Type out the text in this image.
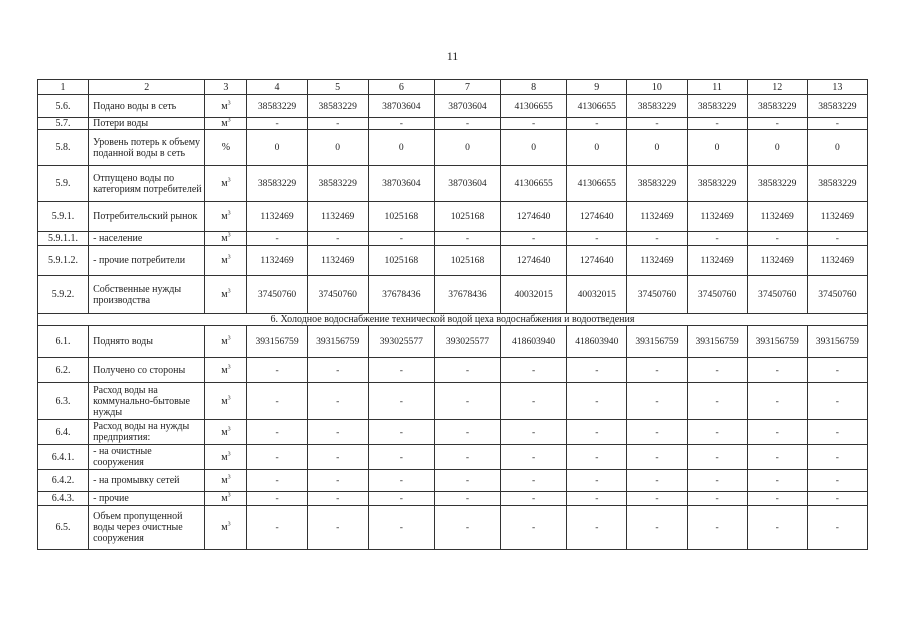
11
1	2	3	4	5	6	7	8	9	10	11	12	13
5.6.	Подано воды в сеть	$м^3$	38583229	38583229	38703604	38703604	41306655	41306655	38583229	38583229	38583229	38583229
5.7.	Потери воды	$м^3$	-	-	-	-	-	-	-	-	-	-
5.8.	Уровень потерь к объему поданной воды в сеть	%	0	0	0	0	0	0	0	0	0	0
5.9.	Отпущено воды по категориям потребителей	$м^3$	38583229	38583229	38703604	38703604	41306655	41306655	38583229	38583229	38583229	38583229
5.9.1.	Потребительский рынок	$м^3$	1132469	1132469	1025168	1025168	1274640	1274640	1132469	1132469	1132469	1132469
5.9.1.1.	- население	$м^3$	-	-	-	-	-	-	-	-	-	-
5.9.1.2.	- прочие потребители	$м^3$	1132469	1132469	1025168	1025168	1274640	1274640	1132469	1132469	1132469	1132469
5.9.2.	Собственные нужды производства	$м^3$	37450760	37450760	37678436	37678436	40032015	40032015	37450760	37450760	37450760	37450760
6. Холодное водоснабжение технической водой цеха водоснабжения и водоотведения												
6.1.	Поднято воды	$м^3$	393156759	393156759	393025577	393025577	418603940	418603940	393156759	393156759	393156759	393156759
6.2.	Получено со стороны	$м^3$	-	-	-	-	-	-	-	-	-	-
6.3.	Расход воды на коммунально-бытовые нужды	$м^3$	-	-	-	-	-	-	-	-	-	-
6.4.	Расход воды на нужды предприятия:	$м^3$	-	-	-	-	-	-	-	-	-	-
6.4.1.	- на очистные сооружения	$м^3$	-	-	-	-	-	-	-	-	-	-
6.4.2.	- на промывку сетей	$м^3$	-	-	-	-	-	-	-	-	-	-
6.4.3.	- прочие	$м^3$	-	-	-	-	-	-	-	-	-	-
6.5.	Объем пропущенной воды через очистные сооружения	$м^3$	-	-	-	-	-	-	-	-	-	-
